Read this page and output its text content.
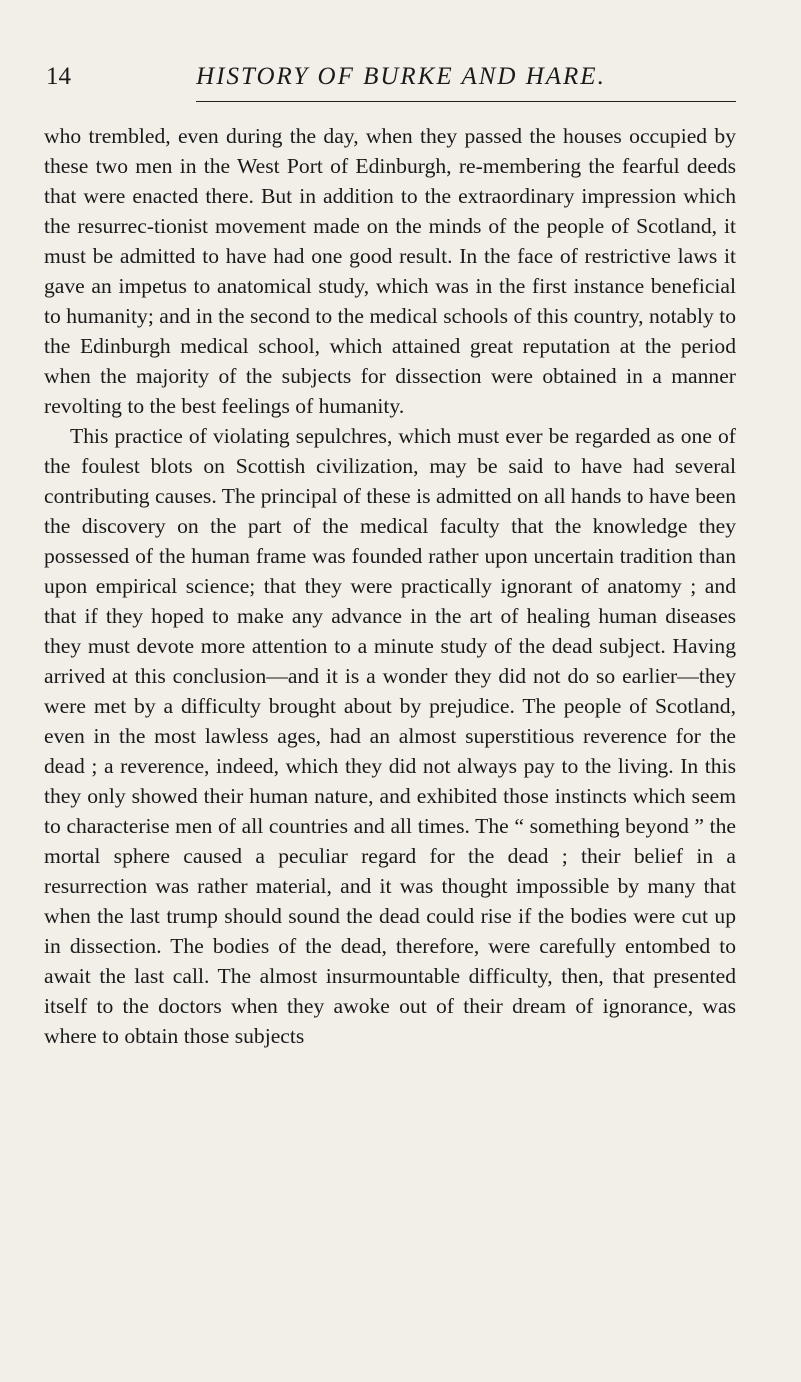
14	HISTORY OF BURKE AND HARE.

who trembled, even during the day, when they passed the houses occupied by these two men in the West Port of Edinburgh, re-membering the fearful deeds that were enacted there. But in addition to the extraordinary impression which the resurrec-tionist movement made on the minds of the people of Scotland, it must be admitted to have had one good result. In the face of restrictive laws it gave an impetus to anatomical study, which was in the first instance beneficial to humanity; and in the second to the medical schools of this country, notably to the Edinburgh medical school, which attained great reputation at the period when the majority of the subjects for dissection were obtained in a manner revolting to the best feelings of humanity.

This practice of violating sepulchres, which must ever be regarded as one of the foulest blots on Scottish civilization, may be said to have had several contributing causes. The principal of these is admitted on all hands to have been the discovery on the part of the medical faculty that the knowledge they possessed of the human frame was founded rather upon uncertain tradition than upon empirical science; that they were practically ignorant of anatomy ; and that if they hoped to make any advance in the art of healing human diseases they must devote more attention to a minute study of the dead subject. Having arrived at this conclusion—and it is a wonder they did not do so earlier—they were met by a difficulty brought about by prejudice. The people of Scotland, even in the most lawless ages, had an almost superstitious reverence for the dead ; a reverence, indeed, which they did not always pay to the living. In this they only showed their human nature, and exhibited those instincts which seem to characterise men of all countries and all times. The “ something beyond ” the mortal sphere caused a peculiar regard for the dead ; their belief in a resurrection was rather material, and it was thought impossible by many that when the last trump should sound the dead could rise if the bodies were cut up in dissection. The bodies of the dead, therefore, were carefully entombed to await the last call. The almost insurmountable difficulty, then, that presented itself to the doctors when they awoke out of their dream of ignorance, was where to obtain those subjects
